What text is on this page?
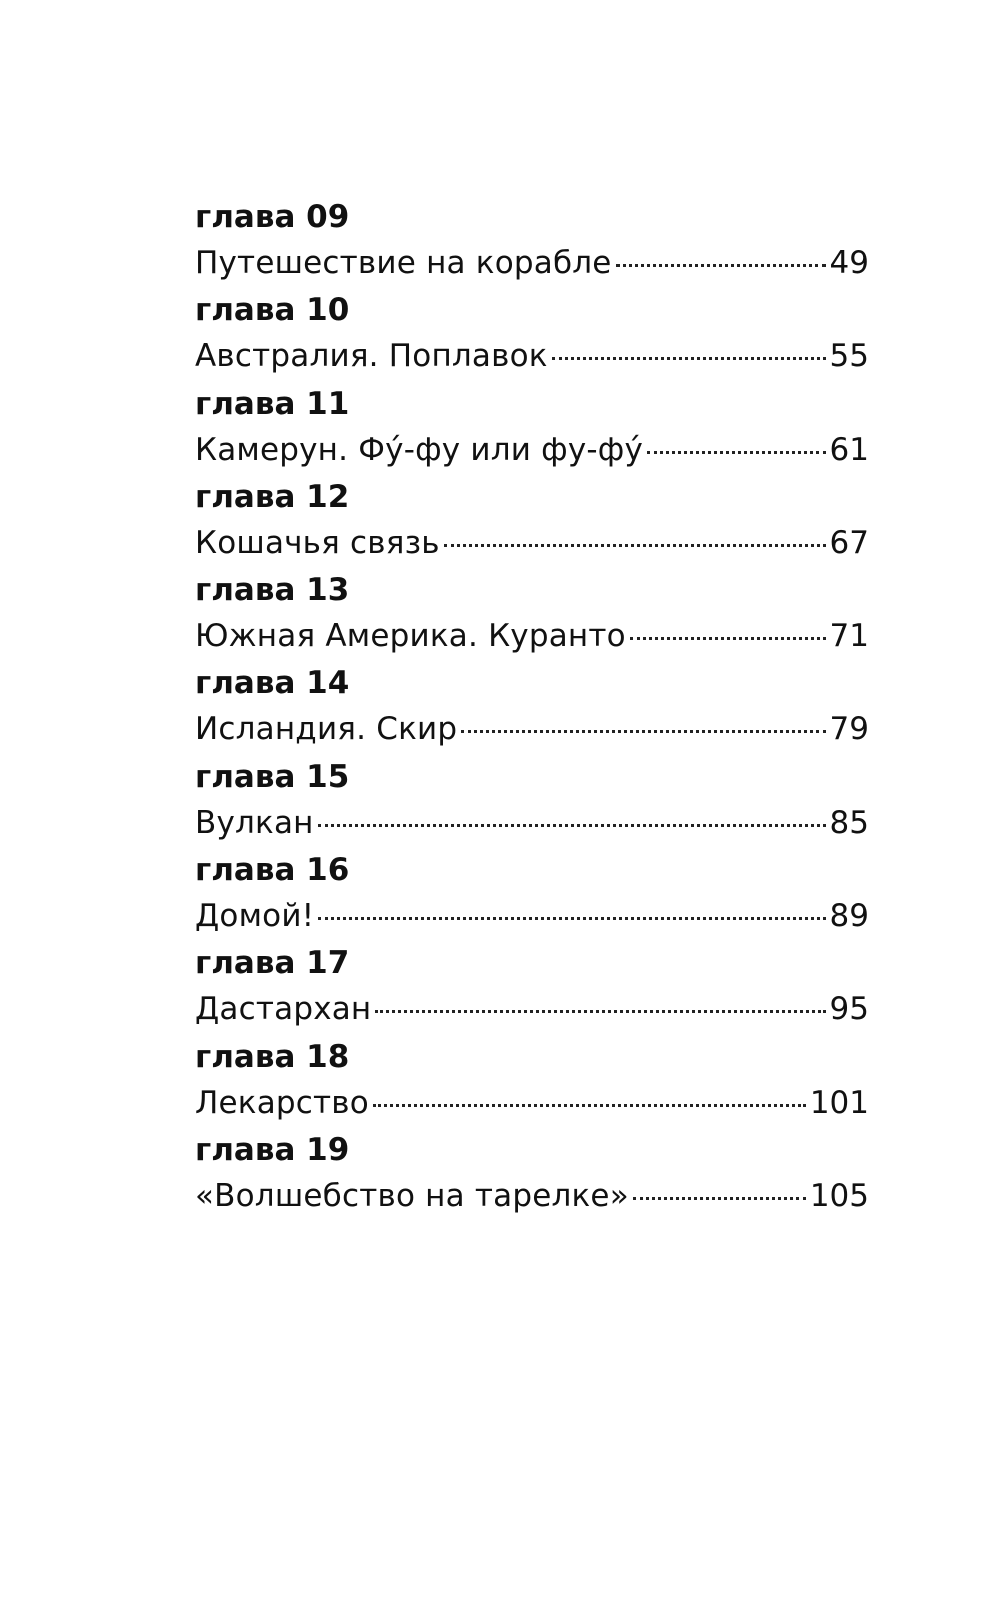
глава 09
Путешествие на корабле	49
глава 10
Австралия. Поплавок	55
глава 11
Камерун. Фу́-фу или фу-фу́	61
глава 12
Кошачья связь	67
глава 13
Южная Америка. Куранто	71
глава 14
Исландия. Скир	79
глава 15
Вулкан	85
глава 16
Домой!	89
глава 17
Дастархан	95
глава 18
Лекарство	101
глава 19
«Волшебство на тарелке»	105
